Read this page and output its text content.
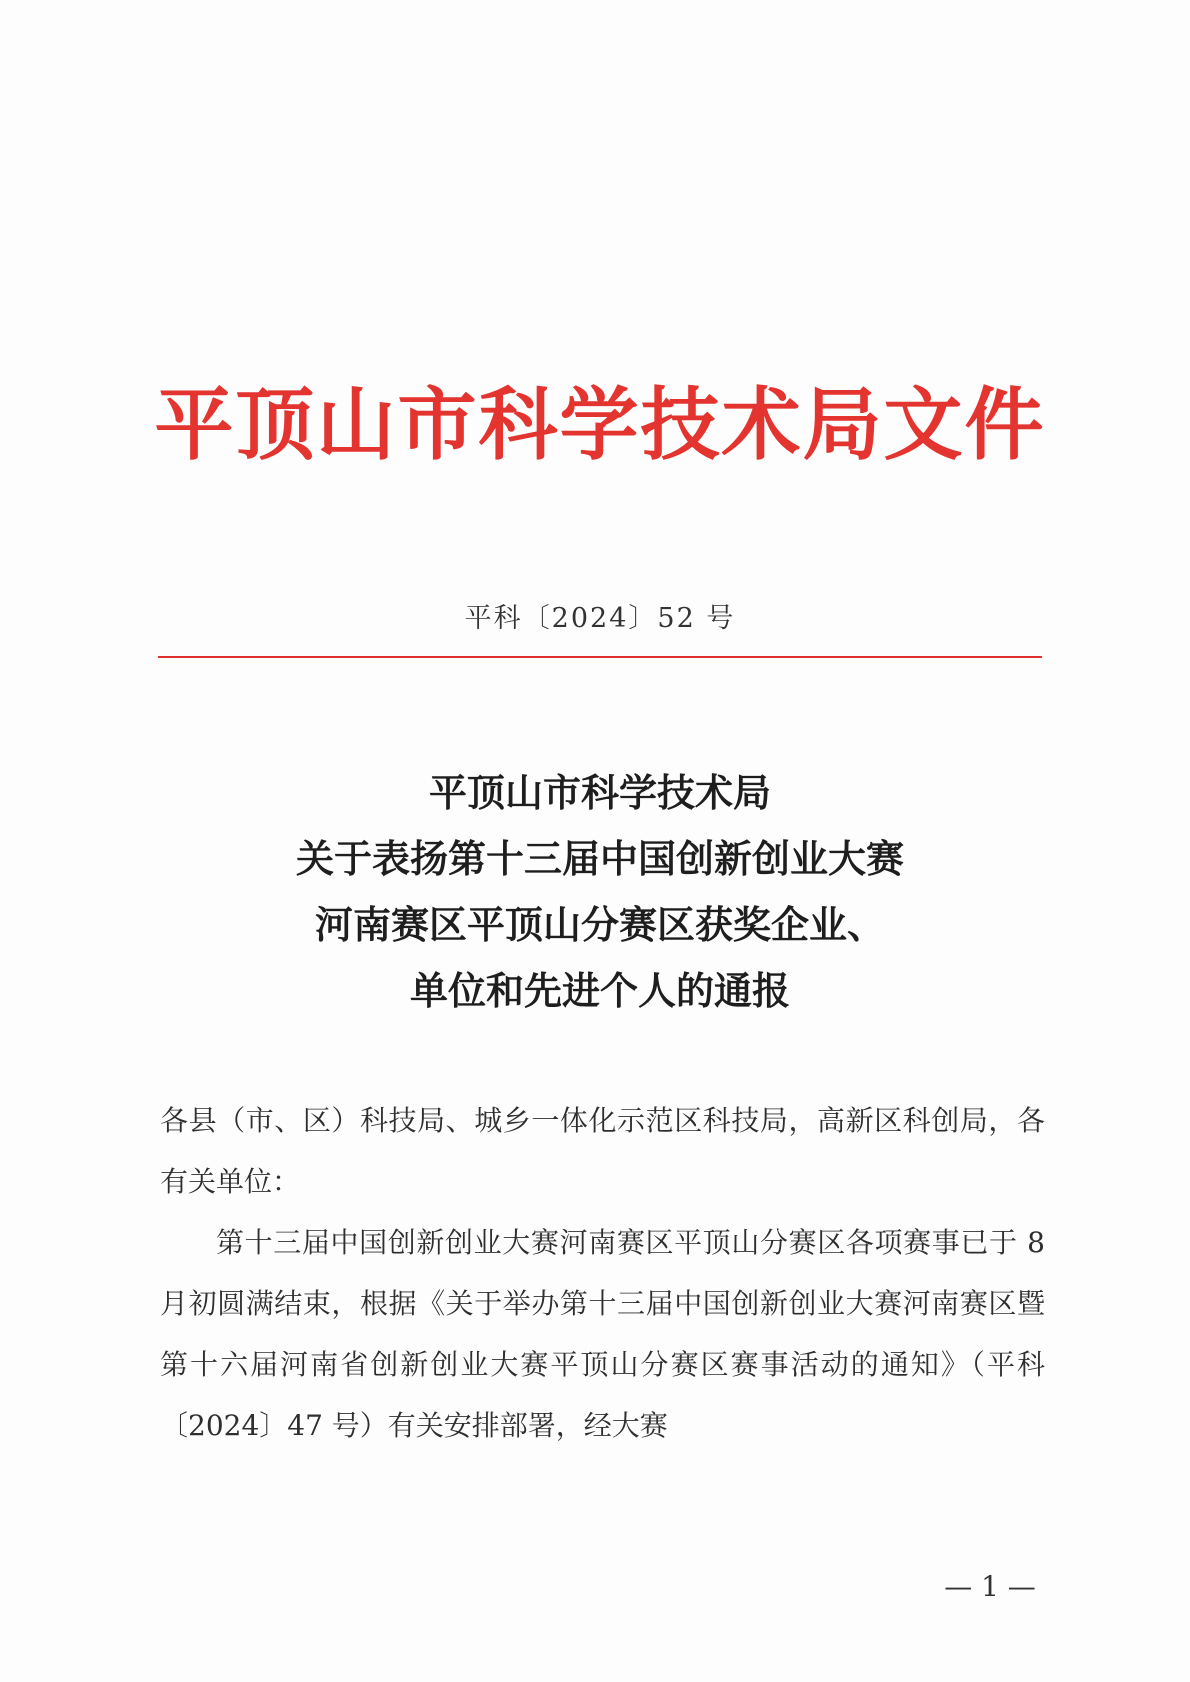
平顶山市科学技术局文件
平科〔2024〕52 号
平顶山市科学技术局
关于表扬第十三届中国创新创业大赛
河南赛区平顶山分赛区获奖企业、
单位和先进个人的通报

各县（市、区）科技局、城乡一体化示范区科技局，高新区科创局，各有关单位：

第十三届中国创新创业大赛河南赛区平顶山分赛区各项赛事已于 8 月初圆满结束，根据《关于举办第十三届中国创新创业大赛河南赛区暨第十六届河南省创新创业大赛平顶山分赛区赛事活动的通知》（平科〔2024〕47 号）有关安排部署，经大赛

— 1 —
